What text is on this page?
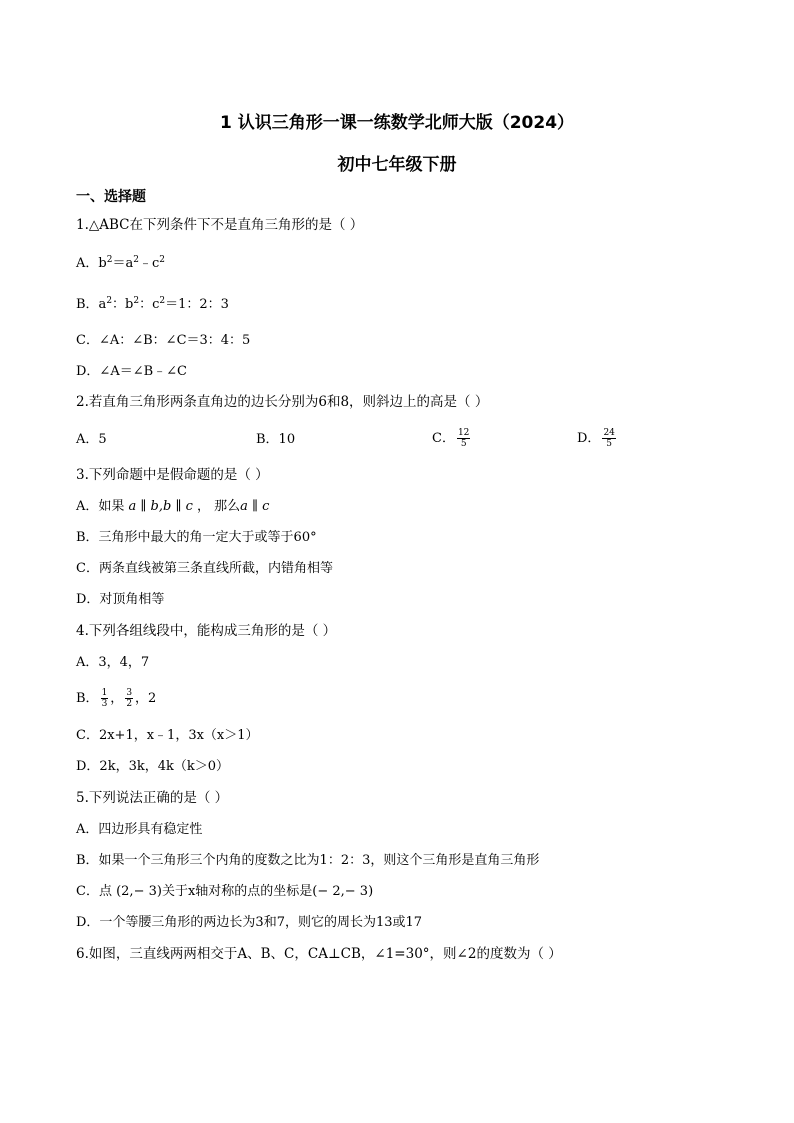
1 认识三角形一课一练数学北师大版（2024）
初中七年级下册
一、选择题
1.△ABC在下列条件下不是直角三角形的是（ ）
A．$b^2=a^2﹣c^2$
B．$a^2$：$b^2$：$c^2=1$：2：3
C．∠A：∠B：∠C＝3：4：5
D．∠A＝∠B﹣∠C
2.若直角三角形两条直角边的边长分别为6和8，则斜边上的高是（ ）
A．5	B．10	C． $\frac{12}{5}$	D． $\frac{24}{5}$
3.下列命题中是假命题的是（ ）
A．如果 a ∥ b,b ∥ c ， 那么a ∥ c
B．三角形中最大的角一定大于或等于60°
C．两条直线被第三条直线所截，内错角相等
D．对顶角相等
4.下列各组线段中，能构成三角形的是（ ）
A．3，4，7
B． $\frac{1}{3}$ ， $\frac{3}{2}$ ，2
C．2x+1，x﹣1，3x（x＞1）
D．2k，3k，4k（k＞0）
5.下列说法正确的是（ ）
A．四边形具有稳定性
B．如果一个三角形三个内角的度数之比为1：2：3，则这个三角形是直角三角形
C．点 (2,− 3)关于x轴对称的点的坐标是(− 2,− 3)
D．一个等腰三角形的两边长为3和7，则它的周长为13或17
6.如图，三直线两两相交于A、B、C，CA⊥CB，∠1=30°，则∠2的度数为（ ）
